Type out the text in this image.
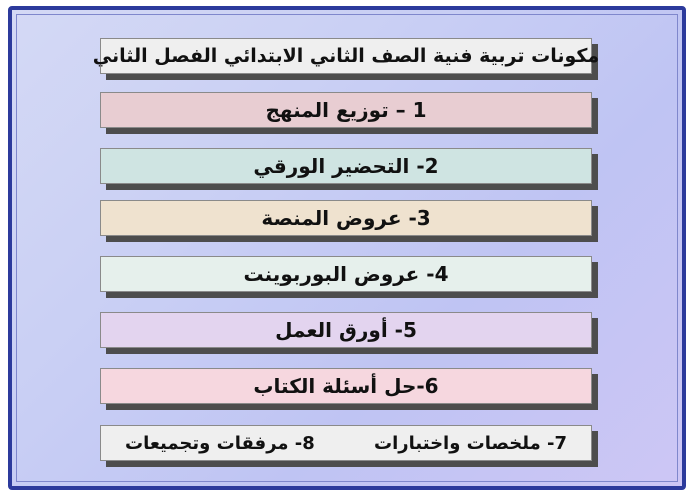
مكونات تربية فنية الصف الثاني الابتدائي الفصل الثاني
1 – توزيع المنهج
2- التحضير الورقي
3- عروض المنصة
4- عروض البوربوينت
5- أورق العمل
6-حل أسئلة الكتاب
7- ملخصات واختبارات
8- مرفقات وتجميعات
